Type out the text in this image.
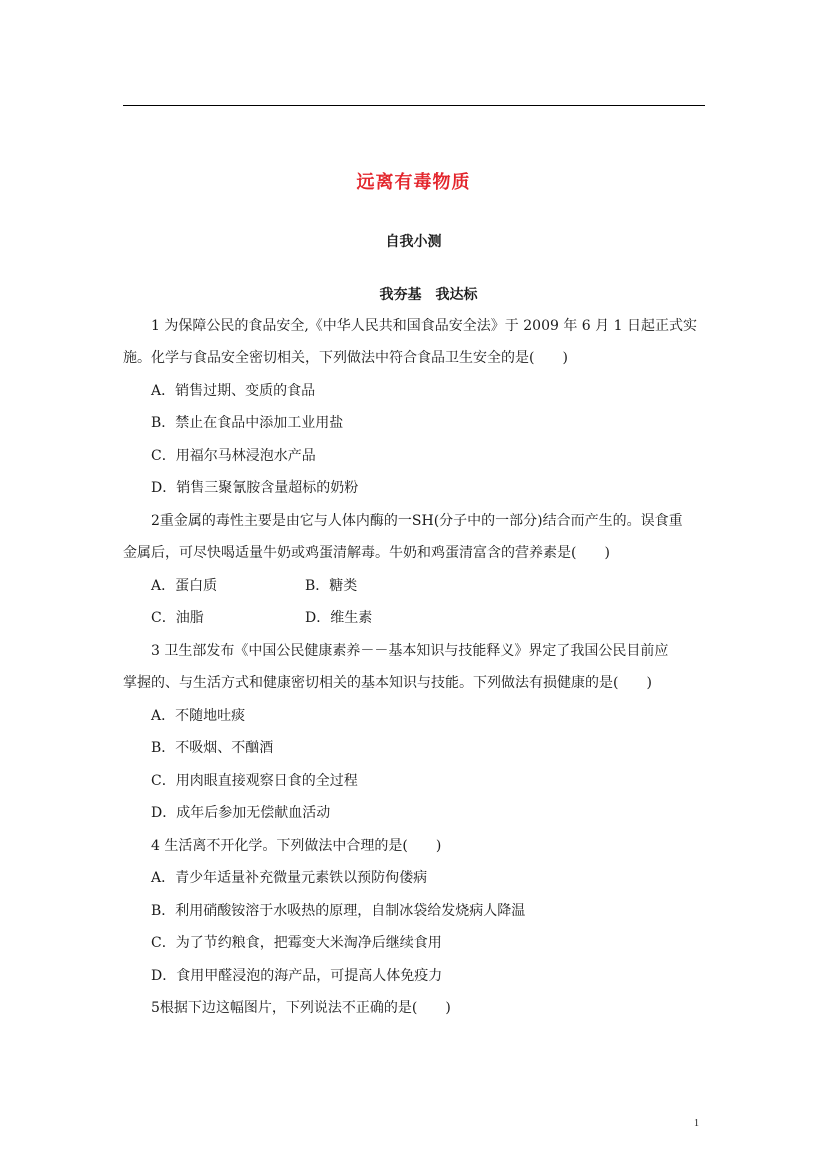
远离有毒物质
自我小测
我夯基　我达标
1 为保障公民的食品安全,《中华人民共和国食品安全法》于 2009 年 6 月 1 日起正式实
施。化学与食品安全密切相关，下列做法中符合食品卫生安全的是(　　)
A．销售过期、变质的食品
B．禁止在食品中添加工业用盐
C．用福尔马林浸泡水产品
D．销售三聚氰胺含量超标的奶粉
2重金属的毒性主要是由它与人体内酶的一SH(分子中的一部分)结合而产生的。误食重
金属后，可尽快喝适量牛奶或鸡蛋清解毒。牛奶和鸡蛋清富含的营养素是(　　)
A．蛋白质	B．糖类
C．油脂	D．维生素
3 卫生部发布《中国公民健康素养－－基本知识与技能释义》界定了我国公民目前应
掌握的、与生活方式和健康密切相关的基本知识与技能。下列做法有损健康的是(　　)
A．不随地吐痰
B．不吸烟、不酗酒
C．用肉眼直接观察日食的全过程
D．成年后参加无偿献血活动
4 生活离不开化学。下列做法中合理的是(　　)
A．青少年适量补充微量元素铁以预防佝偻病
B．利用硝酸铵溶于水吸热的原理，自制冰袋给发烧病人降温
C．为了节约粮食，把霉变大米淘净后继续食用
D．食用甲醛浸泡的海产品，可提高人体免疫力
5根据下边这幅图片，下列说法不正确的是(　　)
1
